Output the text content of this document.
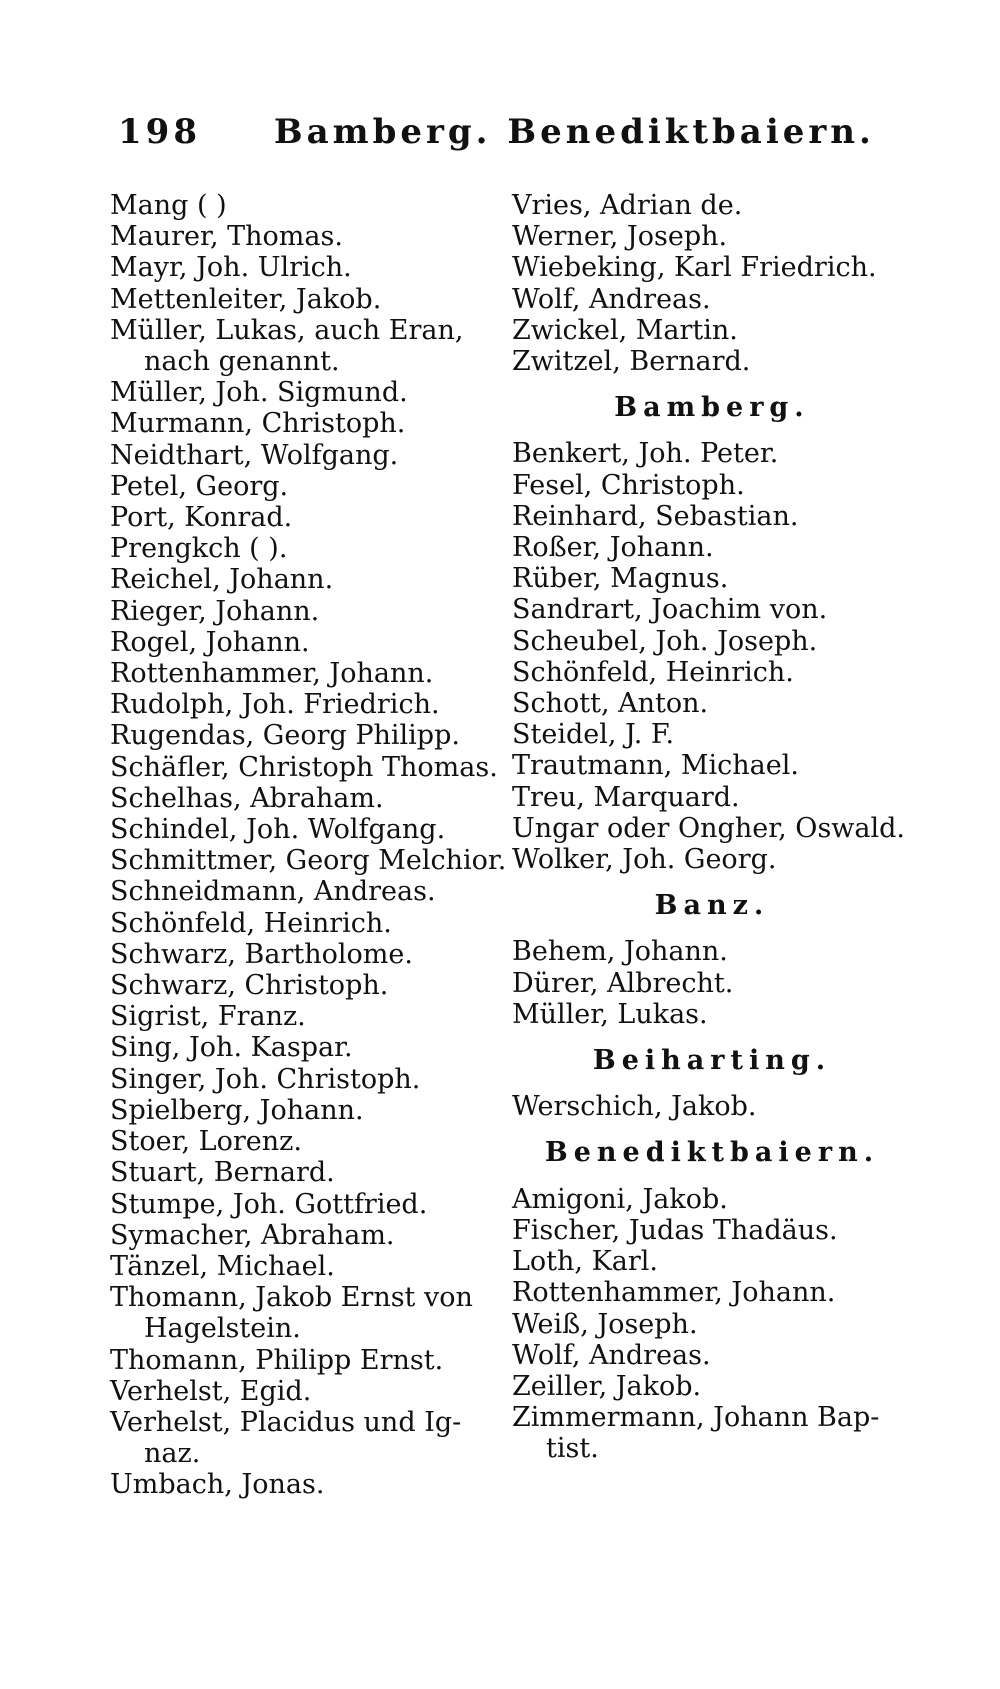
198 Bamberg. Benediktbaiern.
Mang ( )
Maurer, Thomas.
Mayr, Joh. Ulrich.
Mettenleiter, Jakob.
Müller, Lukas, auch Eran,
nach genannt.
Müller, Joh. Sigmund.
Murmann, Christoph.
Neidthart, Wolfgang.
Petel, Georg.
Port, Konrad.
Prengkch ( ).
Reichel, Johann.
Rieger, Johann.
Rogel, Johann.
Rottenhammer, Johann.
Rudolph, Joh. Friedrich.
Rugendas, Georg Philipp.
Schäfler, Christoph Thomas.
Schelhas, Abraham.
Schindel, Joh. Wolfgang.
Schmittmer, Georg Melchior.
Schneidmann, Andreas.
Schönfeld, Heinrich.
Schwarz, Bartholome.
Schwarz, Christoph.
Sigrist, Franz.
Sing, Joh. Kaspar.
Singer, Joh. Christoph.
Spielberg, Johann.
Stoer, Lorenz.
Stuart, Bernard.
Stumpe, Joh. Gottfried.
Symacher, Abraham.
Tänzel, Michael.
Thomann, Jakob Ernst von
Hagelstein.
Thomann, Philipp Ernst.
Verhelst, Egid.
Verhelst, Placidus und Ig-
naz.
Umbach, Jonas.
Vries, Adrian de.
Werner, Joseph.
Wiebeking, Karl Friedrich.
Wolf, Andreas.
Zwickel, Martin.
Zwitzel, Bernard.
Bamberg.
Benkert, Joh. Peter.
Fesel, Christoph.
Reinhard, Sebastian.
Roßer, Johann.
Rüber, Magnus.
Sandrart, Joachim von.
Scheubel, Joh. Joseph.
Schönfeld, Heinrich.
Schott, Anton.
Steidel, J. F.
Trautmann, Michael.
Treu, Marquard.
Ungar oder Ongher, Oswald.
Wolker, Joh. Georg.
Banz.
Behem, Johann.
Dürer, Albrecht.
Müller, Lukas.
Beiharting.
Werschich, Jakob.
Benediktbaiern.
Amigoni, Jakob.
Fischer, Judas Thadäus.
Loth, Karl.
Rottenhammer, Johann.
Weiß, Joseph.
Wolf, Andreas.
Zeiller, Jakob.
Zimmermann, Johann Bap-
tist.
